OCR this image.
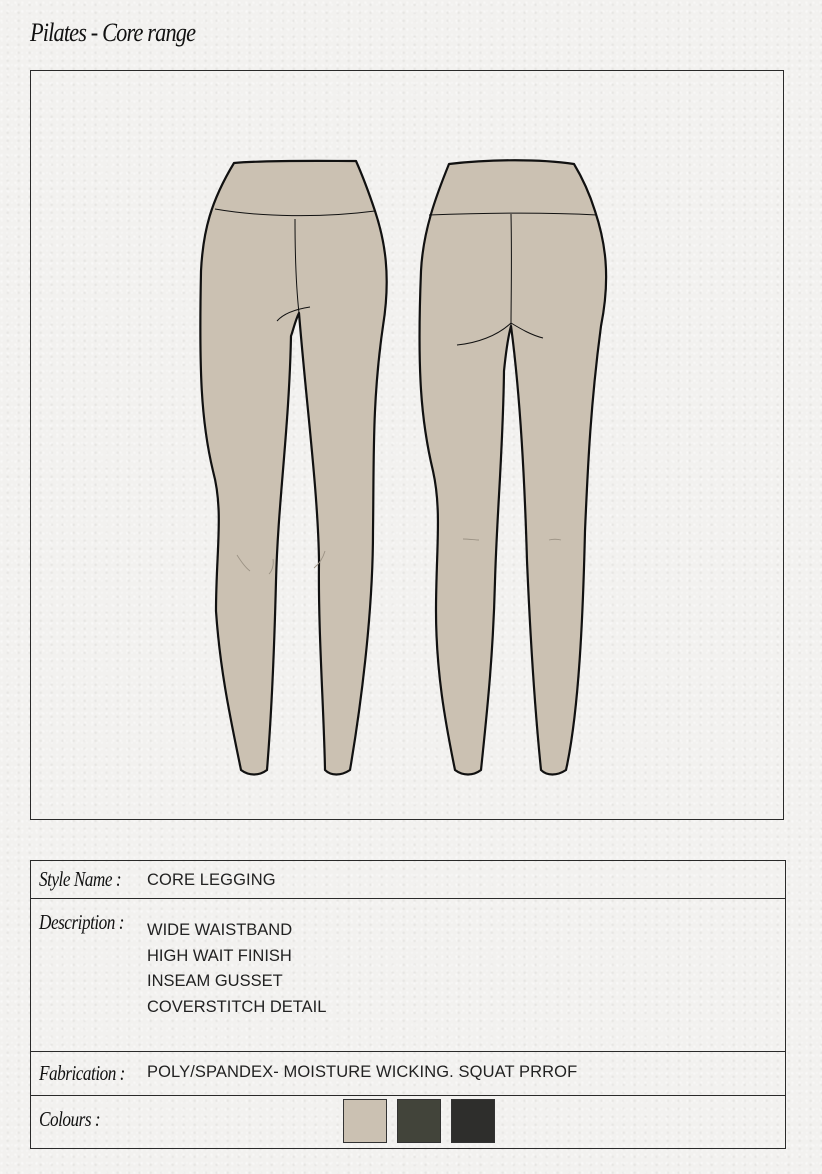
Pilates - Core range
Style Name : CORE LEGGING
Description : WIDE WAISTBAND
HIGH WAIT FINISH
INSEAM GUSSET
COVERSTITCH DETAIL
Fabrication : POLY/SPANDEX- MOISTURE WICKING. SQUAT PRROF
Colours :
